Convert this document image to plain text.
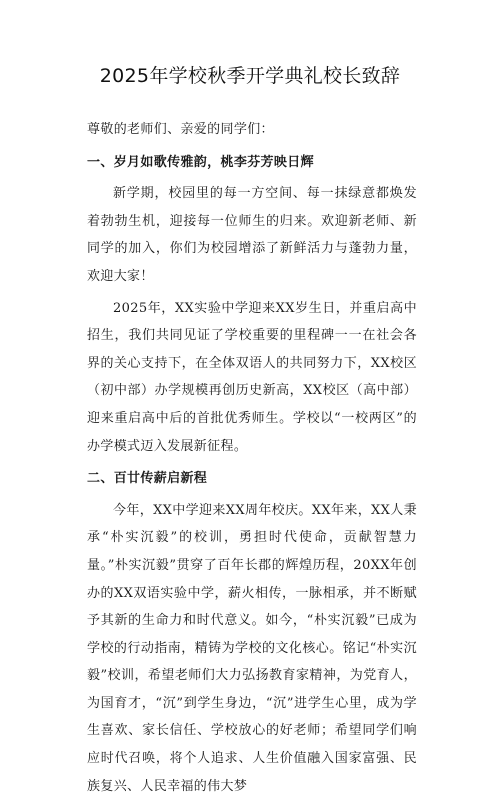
2025年学校秋季开学典礼校长致辞

尊敬的老师们、亲爱的同学们：

一、岁月如歌传雅韵，桃李芬芳映日辉

新学期，校园里的每一方空间、每一抹绿意都焕发着勃勃生机，迎接每一位师生的归来。欢迎新老师、新同学的加入，你们为校园增添了新鲜活力与蓬勃力量，欢迎大家！

2025年，XX实验中学迎来XX岁生日，并重启高中招生，我们共同见证了学校重要的里程碑一一在社会各界的关心支持下，在全体双语人的共同努力下，XX校区（初中部）办学规模再创历史新高，XX校区（高中部）迎来重启高中后的首批优秀师生。学校以“一校两区”的办学模式迈入发展新征程。

二、百廿传薪启新程

今年，XX中学迎来XX周年校庆。XX年来，XX人秉承“朴实沉毅”的校训，勇担时代使命，贡献智慧力量。”朴实沉毅”贯穿了百年长郡的辉煌历程，20XX年创办的XX双语实验中学，薪火相传，一脉相承，并不断赋予其新的生命力和时代意义。如今，“朴实沉毅”已成为学校的行动指南，精铸为学校的文化核心。铭记“朴实沉毅”校训，希望老师们大力弘扬教育家精神，为党育人，为国育才，“沉”到学生身边，“沉”进学生心里，成为学生喜欢、家长信任、学校放心的好老师；希望同学们响应时代召唤，将个人追求、人生价值融入国家富强、民族复兴、人民幸福的伟大梦
